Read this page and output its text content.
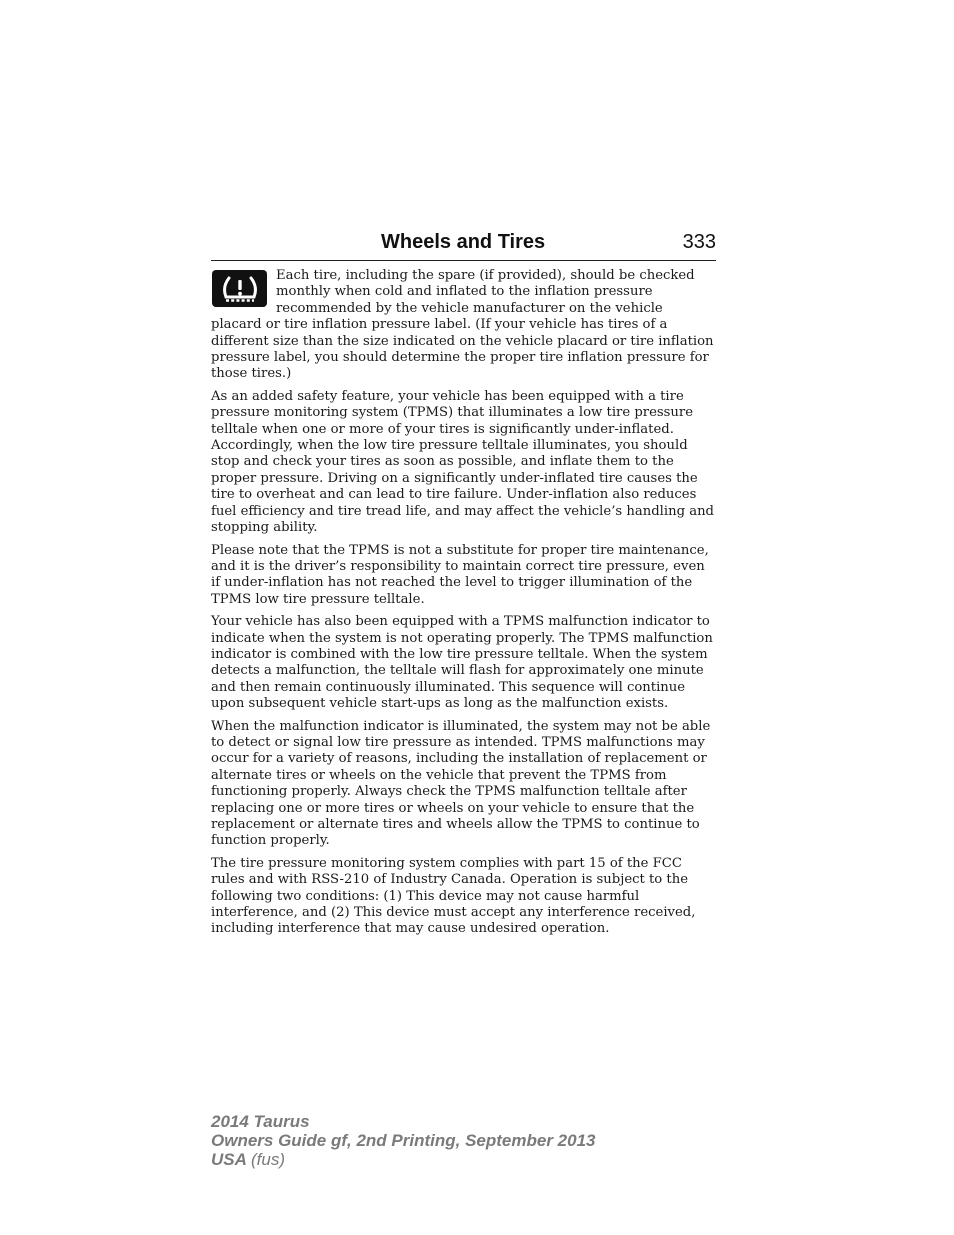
Wheels and Tires	333

Each tire, including the spare (if provided), should be checked monthly when cold and inflated to the inflation pressure recommended by the vehicle manufacturer on the vehicle placard or tire inflation pressure label. (If your vehicle has tires of a different size than the size indicated on the vehicle placard or tire inflation pressure label, you should determine the proper tire inflation pressure for those tires.)

As an added safety feature, your vehicle has been equipped with a tire pressure monitoring system (TPMS) that illuminates a low tire pressure telltale when one or more of your tires is significantly under-inflated. Accordingly, when the low tire pressure telltale illuminates, you should stop and check your tires as soon as possible, and inflate them to the proper pressure. Driving on a significantly under-inflated tire causes the tire to overheat and can lead to tire failure. Under-inflation also reduces fuel efficiency and tire tread life, and may affect the vehicle’s handling and stopping ability.

Please note that the TPMS is not a substitute for proper tire maintenance, and it is the driver’s responsibility to maintain correct tire pressure, even if under-inflation has not reached the level to trigger illumination of the TPMS low tire pressure telltale.

Your vehicle has also been equipped with a TPMS malfunction indicator to indicate when the system is not operating properly. The TPMS malfunction indicator is combined with the low tire pressure telltale. When the system detects a malfunction, the telltale will flash for approximately one minute and then remain continuously illuminated. This sequence will continue upon subsequent vehicle start-ups as long as the malfunction exists.

When the malfunction indicator is illuminated, the system may not be able to detect or signal low tire pressure as intended. TPMS malfunctions may occur for a variety of reasons, including the installation of replacement or alternate tires or wheels on the vehicle that prevent the TPMS from functioning properly. Always check the TPMS malfunction telltale after replacing one or more tires or wheels on your vehicle to ensure that the replacement or alternate tires and wheels allow the TPMS to continue to function properly.

The tire pressure monitoring system complies with part 15 of the FCC rules and with RSS-210 of Industry Canada. Operation is subject to the following two conditions: (1) This device may not cause harmful interference, and (2) This device must accept any interference received, including interference that may cause undesired operation.

2014 Taurus
Owners Guide gf, 2nd Printing, September 2013
USA (fus)
